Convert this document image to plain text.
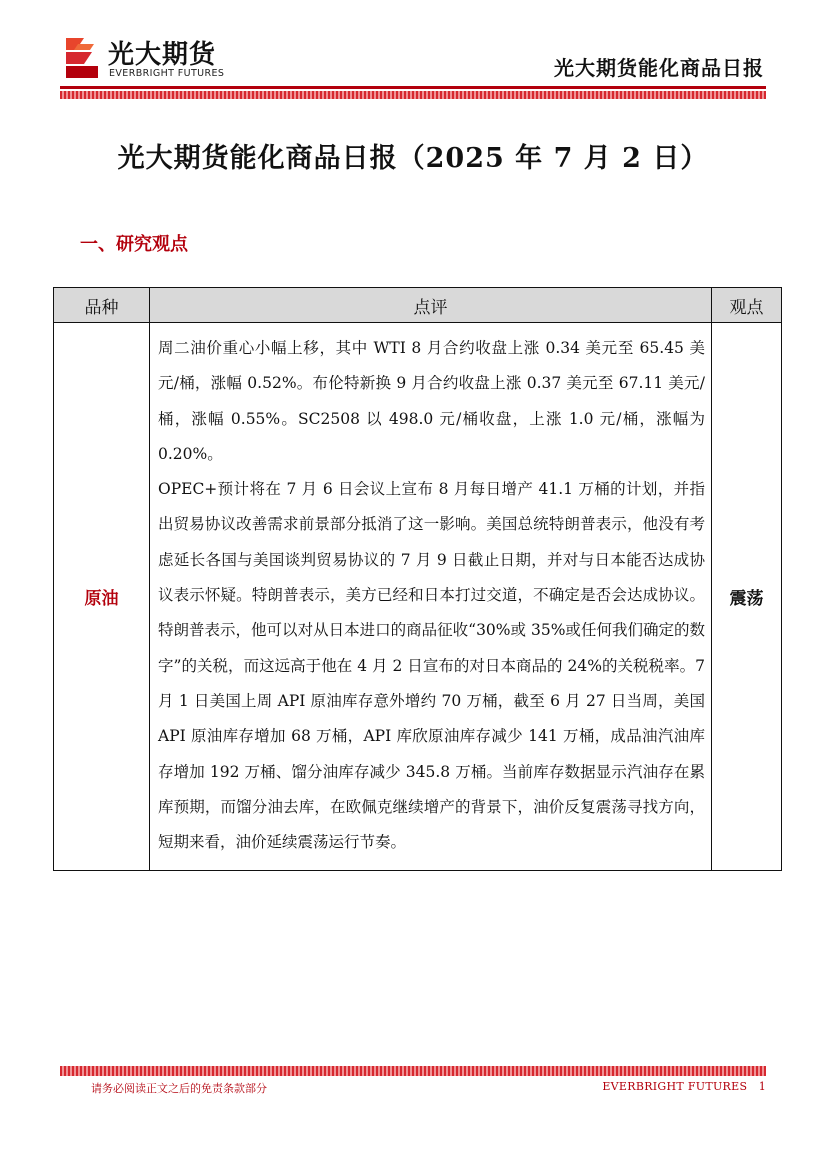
光大期货
EVERBRIGHT FUTURES	光大期货能化商品日报
光大期货能化商品日报（2025 年 7 月 2 日）
一、研究观点
品种	点评	观点
原油	周二油价重心小幅上移，其中 WTI 8 月合约收盘上涨 0.34 美元至 65.45 美元/桶，涨幅 0.52%。布伦特新换 9 月合约收盘上涨 0.37 美元至 67.11 美元/桶，涨幅 0.55%。SC2508 以 498.0 元/桶收盘，上涨 1.0 元/桶，涨幅为 0.20%。

OPEC+预计将在 7 月 6 日会议上宣布 8 月每日增产 41.1 万桶的计划，并指出贸易协议改善需求前景部分抵消了这一影响。美国总统特朗普表示，他没有考虑延长各国与美国谈判贸易协议的 7 月 9 日截止日期，并对与日本能否达成协议表示怀疑。特朗普表示，美方已经和日本打过交道，不确定是否会达成协议。特朗普表示，他可以对从日本进口的商品征收“30%或 35%或任何我们确定的数字”的关税，而这远高于他在 4 月 2 日宣布的对日本商品的 24%的关税税率。7 月 1 日美国上周 API 原油库存意外增约 70 万桶，截至 6 月 27 日当周，美国 API 原油库存增加 68 万桶，API 库欣原油库存减少 141 万桶，成品油汽油库存增加 192 万桶、馏分油库存减少 345.8 万桶。当前库存数据显示汽油存在累库预期，而馏分油去库，在欧佩克继续增产的背景下，油价反复震荡寻找方向，短期来看，油价延续震荡运行节奏。	震荡
请务必阅读正文之后的免责条款部分	EVERBRIGHT FUTURES 1
